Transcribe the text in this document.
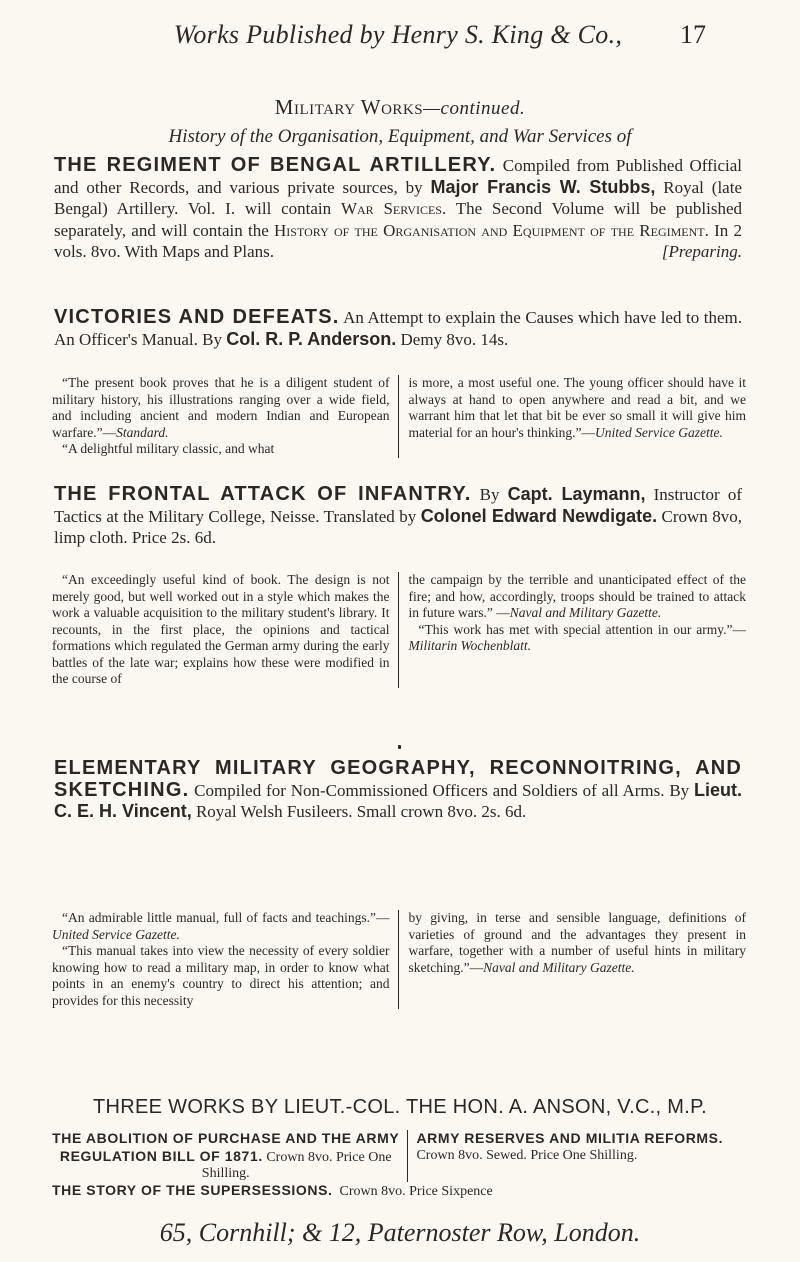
Works Published by Henry S. King & Co.,	17
Military Works—continued.
History of the Organisation, Equipment, and War Services of
THE REGIMENT OF BENGAL ARTILLERY. Compiled from Published Official and other Records, and various private sources, by Major Francis W. Stubbs, Royal (late Bengal) Artillery. Vol. I. will contain War Services. The Second Volume will be published separately, and will contain the History of the Organisation and Equipment of the Regiment. In 2 vols. 8vo. With Maps and Plans.	[Preparing.
VICTORIES AND DEFEATS. An Attempt to explain the Causes which have led to them. An Officer's Manual. By Col. R. P. Anderson. Demy 8vo. 14s.

“The present book proves that he is a diligent student of military history, his illustrations ranging over a wide field, and including ancient and modern Indian and European warfare.”—Standard.

“A delightful military classic, and what

is more, a most useful one. The young officer should have it always at hand to open anywhere and read a bit, and we warrant him that let that bit be ever so small it will give him material for an hour's thinking.”—United Service Gazette.

THE FRONTAL ATTACK OF INFANTRY. By Capt. Laymann, Instructor of Tactics at the Military College, Neisse. Translated by Colonel Edward Newdigate. Crown 8vo, limp cloth. Price 2s. 6d.

“An exceedingly useful kind of book. The design is not merely good, but well worked out in a style which makes the work a valuable acquisition to the military student's library. It recounts, in the first place, the opinions and tactical formations which regulated the German army during the early battles of the late war; explains how these were modified in the course of

the campaign by the terrible and unanticipated effect of the fire; and how, accordingly, troops should be trained to attack in future wars.” —Naval and Military Gazette.

“This work has met with special attention in our army.”—Militarin Wochenblatt.

ELEMENTARY MILITARY GEOGRAPHY, RECONNOITRING, AND SKETCHING. Compiled for Non-Commissioned Officers and Soldiers of all Arms. By Lieut. C. E. H. Vincent, Royal Welsh Fusileers. Small crown 8vo. 2s. 6d.

“An admirable little manual, full of facts and teachings.”—United Service Gazette.

“This manual takes into view the necessity of every soldier knowing how to read a military map, in order to know what points in an enemy's country to direct his attention; and provides for this necessity

by giving, in terse and sensible language, definitions of varieties of ground and the advantages they present in warfare, together with a number of useful hints in military sketching.”—Naval and Military Gazette.

THREE WORKS BY LIEUT.-COL. THE HON. A. ANSON, V.C., M.P.
THE ABOLITION OF PURCHASE AND THE ARMY REGULATION BILL OF 1871. Crown 8vo. Price One Shilling.
ARMY RESERVES AND MILITIA REFORMS. Crown 8vo. Sewed. Price One Shilling.
THE STORY OF THE SUPERSESSIONS. Crown 8vo. Price Sixpence
65, Cornhill; & 12, Paternoster Row, London.
